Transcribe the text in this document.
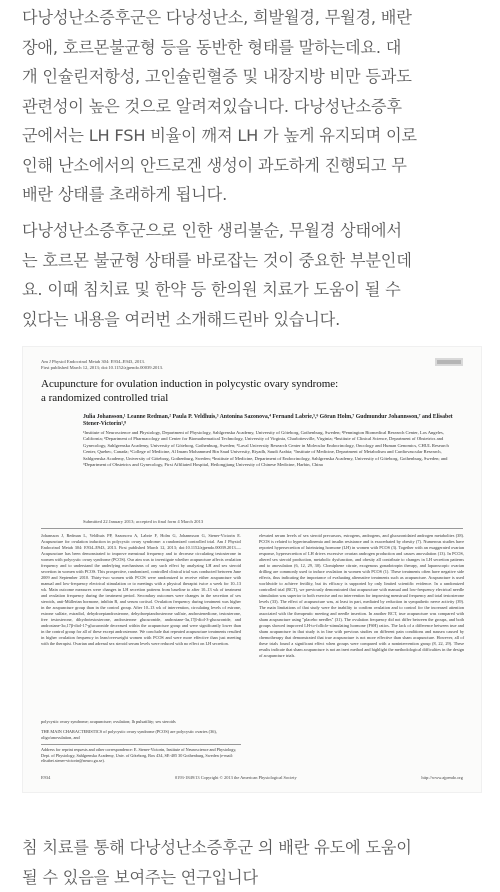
다낭성난소증후군은 다낭성난소, 희발월경, 무월경, 배란
장애, 호르몬불균형 등을 동반한 형태를 말하는데요. 대
개 인슐린저항성, 고인슐린혈증 및 내장지방 비만 등과도
관련성이 높은 것으로 알려져있습니다. 다낭성난소증후
군에서는 LH FSH 비율이 깨져 LH 가 높게 유지되며 이로
인해 난소에서의 안드로겐 생성이 과도하게 진행되고 무
배란 상태를 초래하게 됩니다.
다낭성난소증후군으로 인한 생리불순, 무월경 상태에서
는 호르몬 불균형 상태를 바로잡는 것이 중요한 부분인데
요. 이때 침치료 및 한약 등 한의원 치료가 도움이 될 수
있다는 내용을 여러번 소개해드린바 있습니다.
Am J Physiol Endocrinol Metab 304: E934–E943, 2013.
First published March 12, 2013; doi:10.1152/ajpendo.00039.2013.
Acupuncture for ovulation induction in polycystic ovary syndrome:
a randomized controlled trial
Julia Johansson,¹ Leanne Redman,² Paula P. Veldhuis,³ Antonina Sazonova,⁴ Fernand Labrie,⁵,⁶ Göran Holm,⁷ Gudmundur Johannsson,⁷ and Elisabet Stener-Victorin¹,⁸
¹Institute of Neuroscience and Physiology, Department of Physiology, Sahlgrenska Academy, University of Göteborg, Gothenburg, Sweden; ²Pennington Biomedical Research Center, Los Angeles, California; ³Department of Pharmacology and Center for Biomathematical Technology, University of Virginia, Charlottesville, Virginia; ⁴Institute of Clinical Science, Department of Obstetrics and Gynecology, Sahlgrenska Academy, University of Göteborg, Gothenburg, Sweden; ⁵Laval University Research Center in Molecular Endocrinology, Oncology and Human Genomics, CHUL Research Center, Quebec, Canada; ⁶College of Medicine, Al Imam Mohammed Bin Saud University, Riyadh, Saudi Arabia; ⁷Institute of Medicine, Department of Metabolism and Cardiovascular Research, Sahlgrenska Academy, University of Göteborg, Gothenburg, Sweden; ⁸Institute of Medicine, Department of Endocrinology, Sahlgrenska Academy, University of Göteborg, Gothenburg, Sweden; and ⁹Department of Obstetrics and Gynecology, First Affiliated Hospital, Heilongjiang University of Chinese Medicine, Harbin, China
Submitted 22 January 2013; accepted in final form 4 March 2013
Johansson J, Redman L, Veldhuis PP, Sazonova A, Labrie F, Holm G, Johannsson G, Stener-Victorin E. Acupuncture for ovulation induction in polycystic ovary syndrome: a randomized controlled trial. Am J Physiol Endocrinol Metab 304: E934–E943, 2013. First published March 12, 2013; doi:10.1152/ajpendo.00039.2013.—Acupuncture has been demonstrated to improve menstrual frequency and to decrease circulating testosterone in women with polycystic ovary syndrome (PCOS). Our aim was to investigate whether acupuncture affects ovulation frequency and to understand the underlying mechanisms of any such effect by analyzing LH and sex steroid secretion in women with PCOS. This prospective, randomized, controlled clinical trial was conducted between June 2009 and September 2010. Thirty-two women with PCOS were randomized to receive either acupuncture with manual and low-frequency electrical stimulation or to meetings with a physical therapist twice a week for 10–13 wk. Main outcome measures were changes in LH secretion patterns from baseline to after 10–13 wk of treatment and ovulation frequency during the treatment period. Secondary outcomes were changes in the secretion of sex steroids, anti-Müllerian hormone, inhibin B, and serum cortisol. Ovulation frequency during treatment was higher in the acupuncture group than in the control group. After 10–13 wk of intervention, circulating levels of estrone, estrone sulfate, estradiol, dehydroepiandrosterone, dehydroepiandrosterone sulfate, androstenedione, testosterone, free testosterone, dihydrotestosterone, androsterone glucuronide, androstane-3α,17β-diol-3-glucuronide, and androstane-3α,17β-diol-17-glucuronide decreased within the acupuncture group and were significantly lower than in the control group for all of these except androsterone. We conclude that repeated acupuncture treatments resulted in higher ovulation frequency in lean/overweight women with PCOS and were more effective than just meeting with the therapist. Ovarian and adrenal sex steroid serum levels were reduced with no effect on LH secretion.
polycystic ovary syndrome; acupuncture; ovulation; lh pulsatility; sex steroids
THE MAIN CHARACTERISTICS of polycystic ovary syndrome (PCOS) are polycystic ovaries (36), oligo/anovulation, and
Address for reprint requests and other correspondence: E. Stener-Victorin, Institute of Neuroscience and Physiology, Dept. of Physiology, Sahlgrenska Academy, Univ. of Göteborg, Box 434, SE-405 30 Gothenburg, Sweden (e-mail: elisabet.stener-victorin@neuro.gu.se).
elevated serum levels of sex steroid precursors, estrogens, androgens, and glucuronidated androgen metabolites (38). PCOS is related to hyperinsulinemia and insulin resistance and is exacerbated by obesity (7). Numerous studies have reported hypersecretion of luteinizing hormone (LH) in women with PCOS (3). Together with an exaggerated ovarian response, hypersecretion of LH drives excessive ovarian androgen production and causes anovulation (13). In PCOS, altered sex steroid production, metabolic dysfunction, and obesity all contribute to changes in LH secretion patterns and to anovulation (6, 12, 29, 30). Clomiphene citrate, exogenous gonadotropin therapy, and laparoscopic ovarian drilling are commonly used to induce ovulation in women with PCOS (1). These treatments often have negative side effects, thus indicating the importance of evaluating alternative treatments such as acupuncture. Acupuncture is used worldwide to achieve fertility, but its efficacy is supported by only limited scientific evidence. In a randomized controlled trial (RCT), we previously demonstrated that acupuncture with manual and low-frequency electrical needle stimulation was superior to both exercise and no intervention for improving menstrual frequency and total testosterone levels (33). The effect of acupuncture was, at least in part, mediated by reduction in sympathetic nerve activity (39). The main limitations of that study were the inability to confirm ovulation and to control for the increased attention associated with the therapeutic meeting and needle insertion. In another RCT, true acupuncture was compared with sham acupuncture using "placebo needles" (31). The ovulation frequency did not differ between the groups, and both groups showed improved LH-to-follicle-stimulating hormone (FSH) ratios. The lack of a difference between true and sham acupuncture in that study is in line with previous studies on different pain conditions and nausea caused by chemotherapy that demonstrated that true acupuncture is not more effective than sham acupuncture. However, all of these trials found a significant effect when groups were compared with a nonintervention group (8, 22, 29). These results indicate that sham acupuncture is not an inert method and highlight the methodological difficulties in the design of acupuncture trials.
E934	0193-1849/13 Copyright © 2013 the American Physiological Society	http://www.ajpendo.org
침 치료를 통해 다낭성난소증후군 의 배란 유도에 도움이
될 수 있음을 보여주는 연구입니다
